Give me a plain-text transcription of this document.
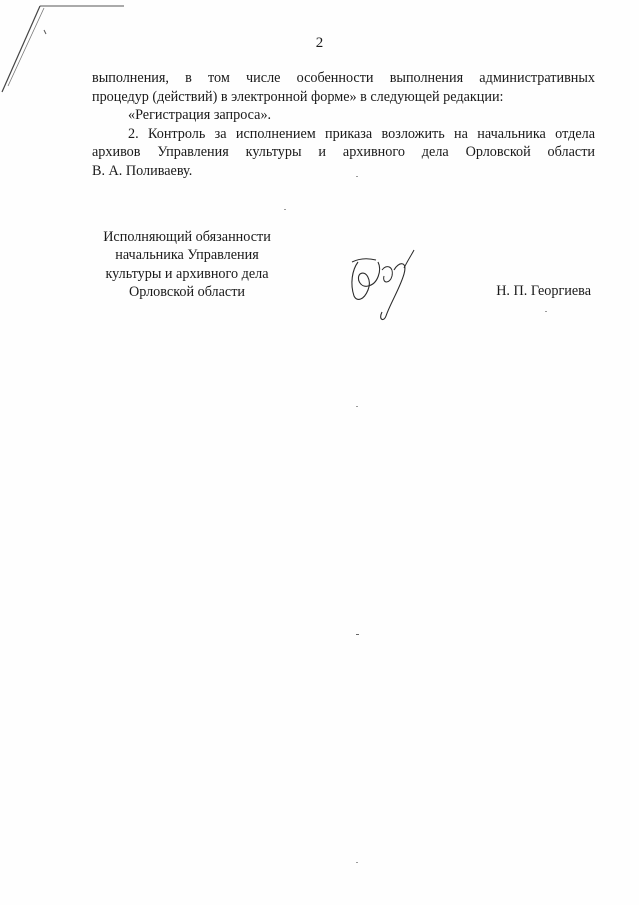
2
выполнения, в том числе особенности выполнения административных
процедур (действий) в электронной форме» в следующей редакции:
«Регистрация запроса».
2. Контроль за исполнением приказа возложить на начальника отдела
архивов Управления культуры и архивного дела Орловской области
В. А. Поливаеву.
Исполняющий обязанности
начальника Управления
культуры и архивного дела
Орловской области	Н. П. Георгиева
